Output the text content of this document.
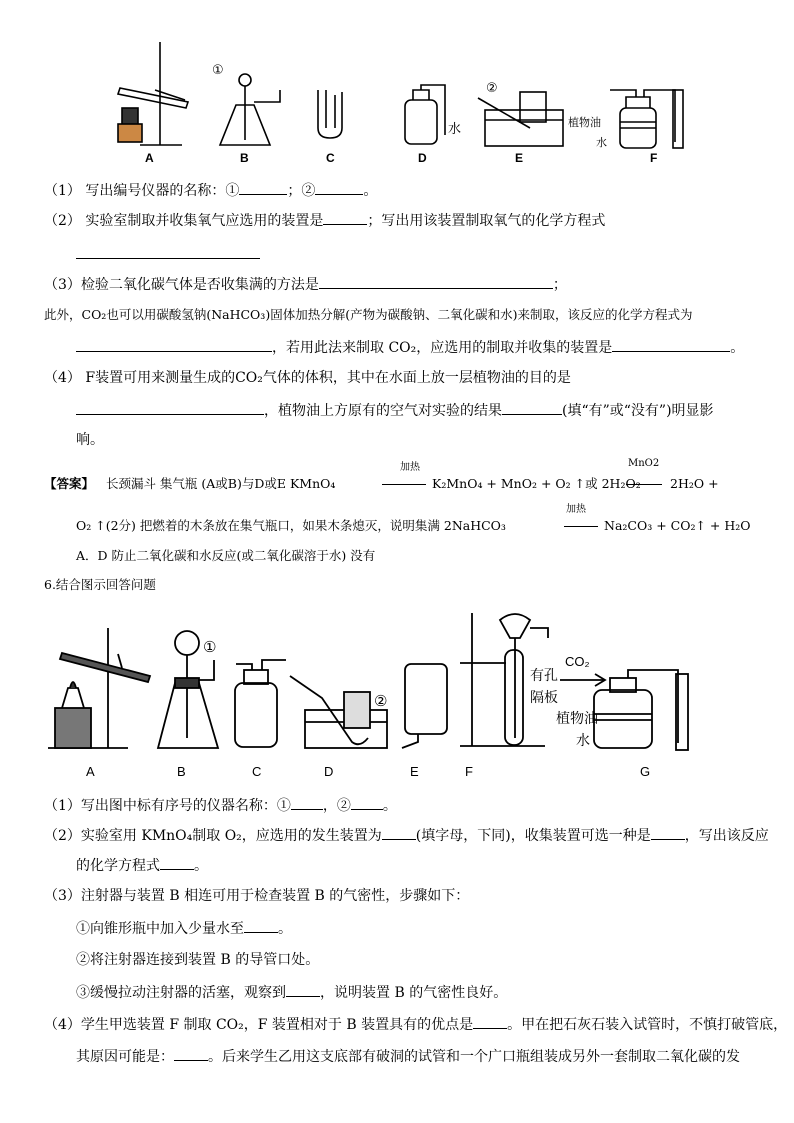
A	B	C	D	E	F
①
②
水	植物油
水
（1） 写出编号仪器的名称：①	；②	。
（2） 实验室制取并收集氧气应选用的装置是	；写出用该装置制取氧气的化学方程式
（3）检验二氧化碳气体是否收集满的方法是	；
此外，CO₂也可以用碳酸氢钠(NaHCO₃)固体加热分解(产物为碳酸钠、二氧化碳和水)来制取，该反应的化学方程式为
，若用此法来制取 CO₂，应选用的制取并收集的装置是	。
（4） F装置可用来测量生成的CO₂气体的体积，其中在水面上放一层植物油的目的是
，植物油上方原有的空气对实验的结果	(填“有”或“没有”)明显影
响。
【答案】 长颈漏斗 集气瓶 (A或B)与D或E KMnO₄
加热
K₂MnO₄ + MnO₂ + O₂ ↑或 2H₂O₂
MnO2
2H₂O +
O₂ ↑(2分) 把燃着的木条放在集气瓶口，如果木条熄灭，说明集满 2NaHCO₃
加热
Na₂CO₃ + CO₂↑ + H₂O
A．D 防止二氧化碳和水反应(或二氧化碳溶于水) 没有
6.结合图示回答问题
A	B	C	D	E	F	G
①
②
有孔
隔板
CO₂
植物油
水
（1）写出图中标有序号的仪器名称：① ，② 。
（2）实验室用 KMnO₄制取 O₂，应选用的发生装置为 (填字母，下同)，收集装置可选一种是 ，写出该反应
的化学方程式 。
（3）注射器与装置 B 相连可用于检查装置 B 的气密性，步骤如下：
①向锥形瓶中加入少量水至 。
②将注射器连接到装置 B 的导管口处。
③缓慢拉动注射器的活塞，观察到 ，说明装置 B 的气密性良好。
（4）学生甲选装置 F 制取 CO₂，F 装置相对于 B 装置具有的优点是 。甲在把石灰石装入试管时，不慎打破管底，
其原因可能是： 。后来学生乙用这支底部有破洞的试管和一个广口瓶组装成另外一套制取二氧化碳的发
